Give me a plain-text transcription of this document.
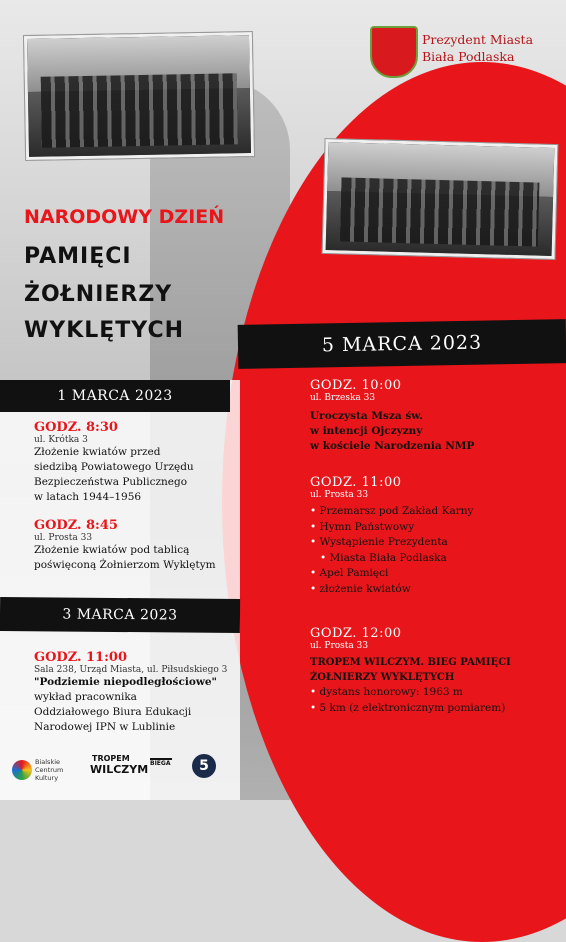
Prezydent Miasta
Biała Podlaska
NARODOWY DZIEŃ
PAMIĘCI
ŻOŁNIERZY
WYKLĘTYCH
5 MARCA 2023
1 MARCA 2023
GODZ. 8:30
ul. Krótka 3
Złożenie kwiatów przed
siedzibą Powiatowego Urzędu
Bezpieczeństwa Publicznego
w latach 1944–1956
GODZ. 8:45
ul. Prosta 33
Złożenie kwiatów pod tablicą
poświęconą Żołnierzom Wyklętym
3 MARCA 2023
GODZ. 11:00
Sala 238, Urząd Miasta, ul. Piłsudskiego 3
"Podziemie niepodległościowe"
wykład pracownika
Oddziałowego Biura Edukacji
Narodowej IPN w Lublinie
GODZ. 10:00
ul. Brzeska 33
Uroczysta Msza św.
w intencji Ojczyzny
w kościele Narodzenia NMP
GODZ. 11:00
ul. Prosta 33
• Przemarsz pod Zakład Karny
• Hymn Państwowy
• Wystąpienie Prezydenta
• Miasta Biała Podlaska
• Apel Pamięci
• złożenie kwiatów
GODZ. 12:00
ul. Prosta 33
TROPEM WILCZYM. BIEG PAMIĘCI
ŻOŁNIERZY WYKLĘTYCH
• dystans honorowy: 1963 m
• 5 km (z elektronicznym pomiarem)
Bialskie Centrum Kultury
TROPEM
WILCZYM BIEGA	5
